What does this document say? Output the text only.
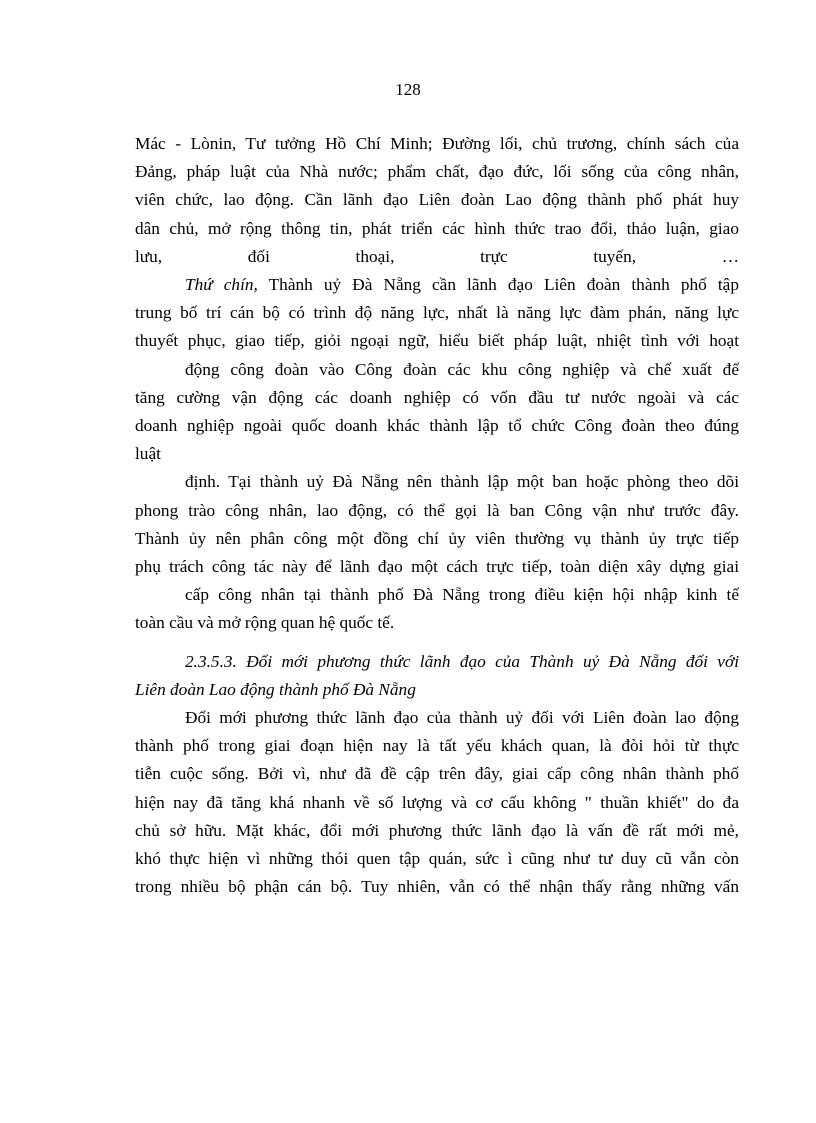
128
Mác - Lònin, Tư tưởng Hồ Chí Minh; Đường lối, chủ trương, chính sách của
Đảng, pháp luật của Nhà nước; phẩm chất, đạo đức, lối sống của công nhân,
viên chức, lao động. Cần lãnh đạo Liên đoàn Lao động thành phố phát huy
dân chủ, mở rộng thông tin, phát triển các hình thức trao đổi, thảo luận, giao
lưu, đối thoại, trực tuyến, …
Thứ chín, Thành uỷ Đà Nẵng cần lãnh đạo Liên đoàn thành phố tập
trung bố trí cán bộ có trình độ năng lực, nhất là năng lực đàm phán, năng lực
thuyết phục, giao tiếp, giỏi ngoại ngữ, hiểu biết pháp luật, nhiệt tình với hoạt
động công đoàn vào Công đoàn các khu công nghiệp và chế xuất để
tăng cường vận động các doanh nghiệp có vốn đầu tư nước ngoài và các
doanh nghiệp ngoài quốc doanh khác thành lập tổ chức Công đoàn theo đúng
luật
định. Tại thành uỷ Đà Nẵng nên thành lập một ban hoặc phòng theo dõi
phong trào công nhân, lao động, có thể gọi là ban Công vận như trước đây.
Thành ủy nên phân công một đồng chí ủy viên thường vụ thành ủy trực tiếp
phụ trách công tác này để lãnh đạo một cách trực tiếp, toàn diện xây dựng giai
cấp công nhân tại thành phố Đà Nẵng trong điều kiện hội nhập kinh tế
toàn cầu và mở rộng quan hệ quốc tế.
2.3.5.3. Đổi mới phương thức lãnh đạo của Thành uỷ Đà Nẵng đối với
Liên đoàn Lao động thành phố Đà Nẵng
Đổi mới phương thức lãnh đạo của thành uỷ đối với Liên đoàn lao động
thành phố trong giai đoạn hiện nay là tất yếu khách quan, là đòi hỏi từ thực
tiễn cuộc sống. Bởi vì, như đã đề cập trên đây, giai cấp công nhân thành phố
hiện nay đã tăng khá nhanh về số lượng và cơ cấu không " thuần khiết" do đa
chủ sở hữu. Mặt khác, đổi mới phương thức lãnh đạo là vấn đề rất mới mẻ,
khó thực hiện vì những thói quen tập quán, sức ì cũng như tư duy cũ vẫn còn
trong nhiều bộ phận cán bộ. Tuy nhiên, vẫn có thể nhận thấy rằng những vấn
